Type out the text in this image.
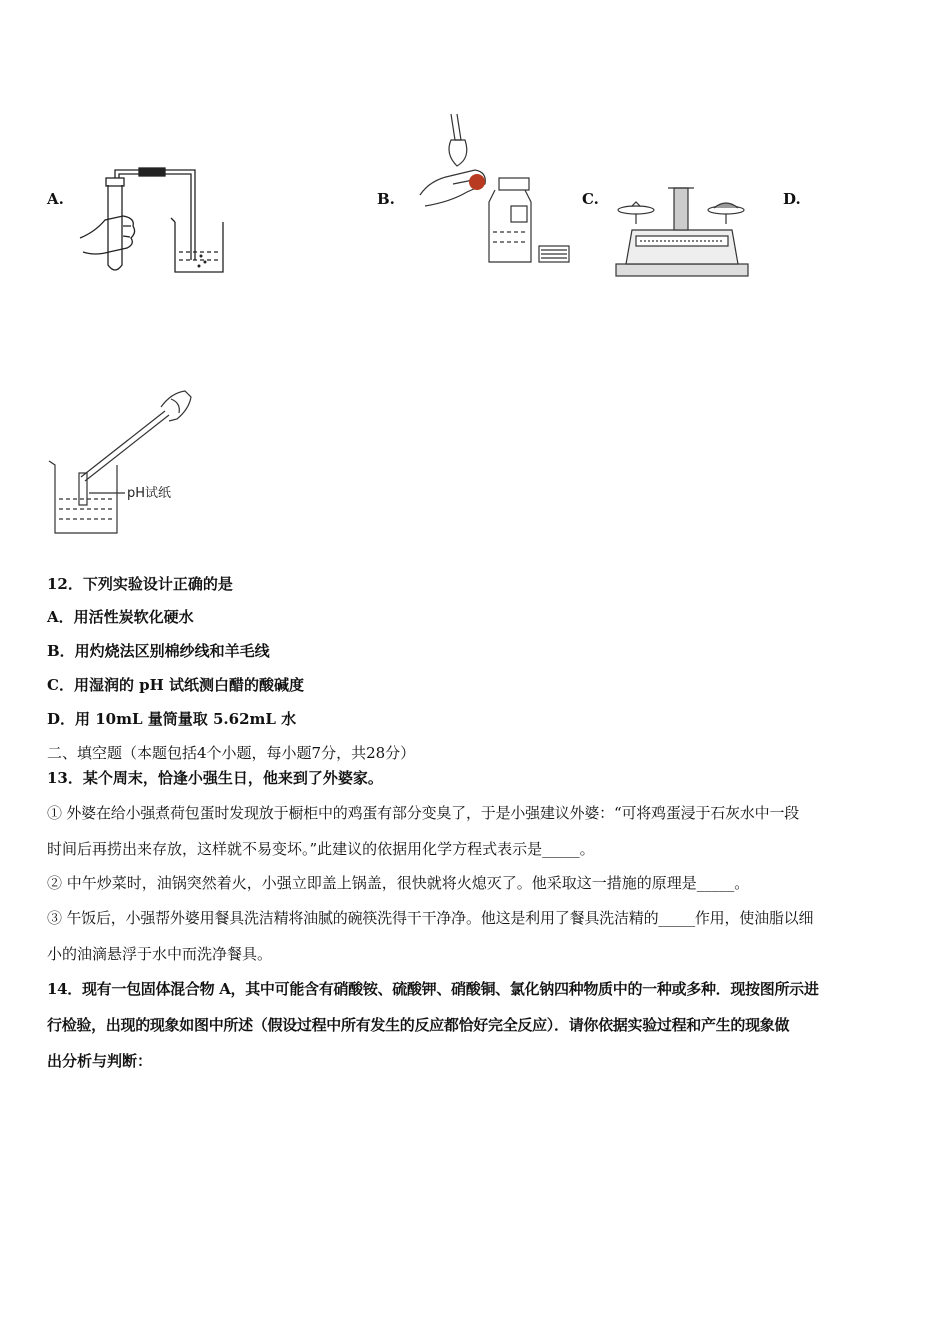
A.	B.	C.	D.
pH试纸
12．下列实验设计正确的是
A．用活性炭软化硬水
B．用灼烧法区别棉纱线和羊毛线
C．用湿润的 pH 试纸测白醋的酸碱度
D．用 10mL 量筒量取 5.62mL 水
二、填空题（本题包括4个小题，每小题7分，共28分）
13．某个周末，恰逢小强生日，他来到了外婆家。
① 外婆在给小强煮荷包蛋时发现放于橱柜中的鸡蛋有部分变臭了，于是小强建议外婆：“可将鸡蛋浸于石灰水中一段
时间后再捞出来存放，这样就不易变坏。”此建议的依据用化学方程式表示是_____。
② 中午炒菜时，油锅突然着火，小强立即盖上锅盖，很快就将火熄灭了。他采取这一措施的原理是_____。
③ 午饭后，小强帮外婆用餐具洗洁精将油腻的碗筷洗得干干净净。他这是利用了餐具洗洁精的_____作用，使油脂以细
小的油滴悬浮于水中而洗净餐具。
14．现有一包固体混合物 A，其中可能含有硝酸铵、硫酸钾、硝酸铜、氯化钠四种物质中的一种或多种．现按图所示进
行检验，出现的现象如图中所述（假设过程中所有发生的反应都恰好完全反应）．请你依据实验过程和产生的现象做
出分析与判断：
